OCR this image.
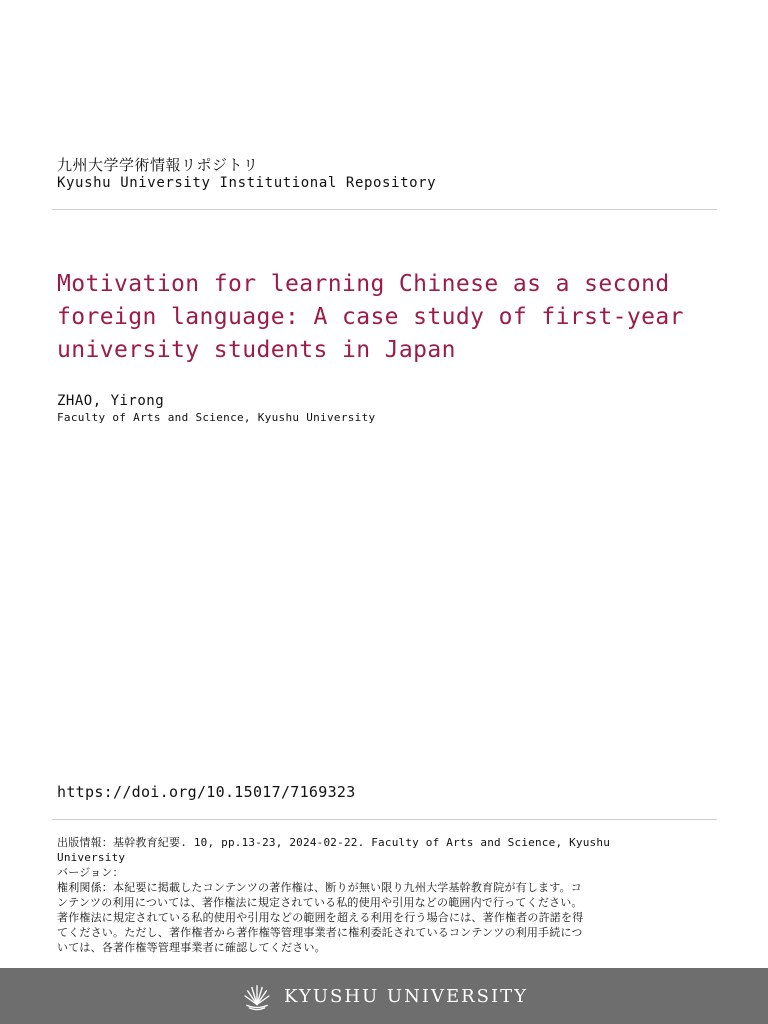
九州大学学術情報リポジトリ
Kyushu University Institutional Repository
Motivation for learning Chinese as a second
foreign language: A case study of first-year
university students in Japan
ZHAO, Yirong
Faculty of Arts and Science, Kyushu University
https://doi.org/10.15017/7169323
出版情報：基幹教育紀要. 10, pp.13-23, 2024-02-22. Faculty of Arts and Science, Kyushu
University
バージョン：
権利関係：本紀要に掲載したコンテンツの著作権は、断りが無い限り九州大学基幹教育院が有します。コ
ンテンツの利用については、著作権法に規定されている私的使用や引用などの範囲内で行ってください。
著作権法に規定されている私的使用や引用などの範囲を超える利用を行う場合には、著作権者の許諾を得
てください。ただし、著作権者から著作権等管理事業者に権利委託されているコンテンツの利用手続につ
いては、各著作権等管理事業者に確認してください。
KYUSHU UNIVERSITY
